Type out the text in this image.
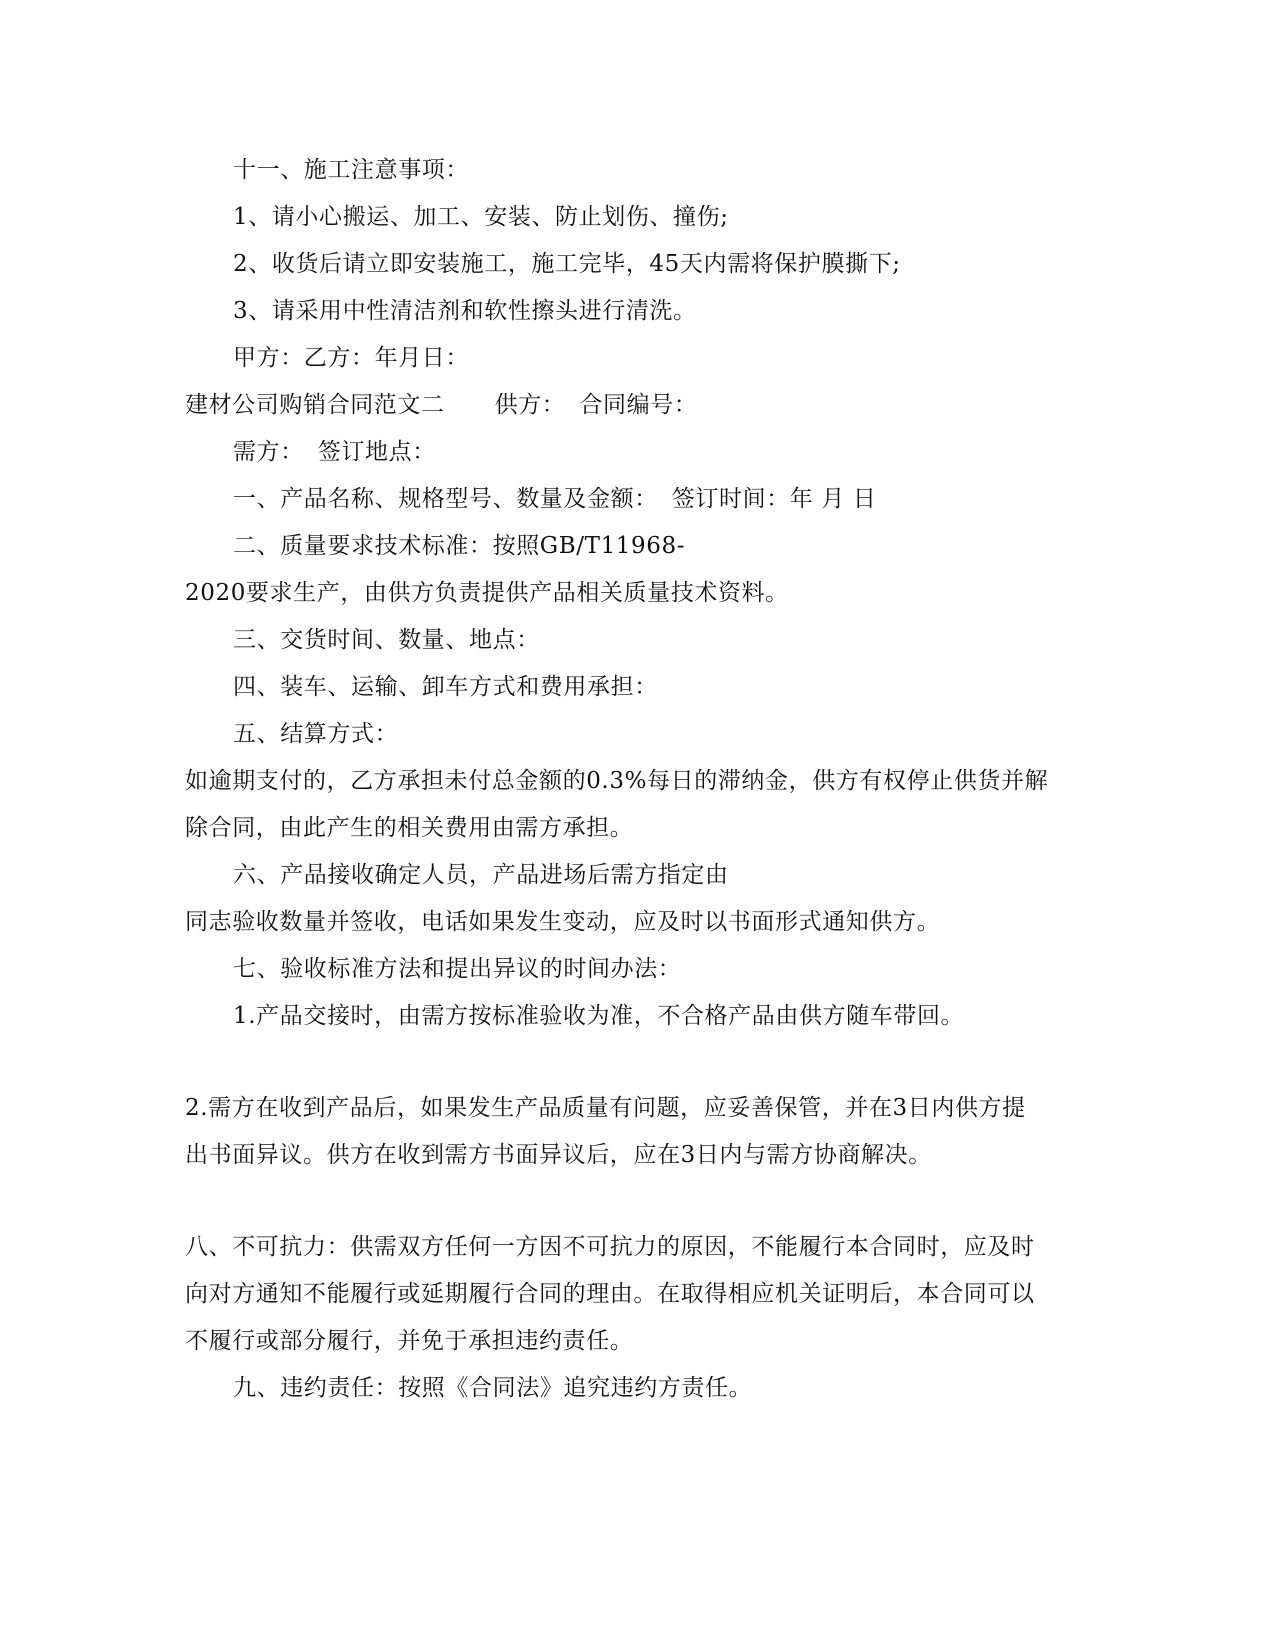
十一、施工注意事项：
1、请小心搬运、加工、安装、防止划伤、撞伤;
2、收货后请立即安装施工，施工完毕，45天内需将保护膜撕下;
3、请采用中性清洁剂和软性擦头进行清洗。
甲方：乙方：年月日：
建材公司购销合同范文二 供方： 合同编号：
需方： 签订地点：
一、产品名称、规格型号、数量及金额： 签订时间：年 月 日
二、质量要求技术标准：按照GB/T11968-
2020要求生产，由供方负责提供产品相关质量技术资料。
三、交货时间、数量、地点：
四、装车、运输、卸车方式和费用承担：
五、结算方式：
如逾期支付的，乙方承担未付总金额的0.3%每日的滞纳金，供方有权停止供货并解
除合同，由此产生的相关费用由需方承担。
六、产品接收确定人员，产品进场后需方指定由
同志验收数量并签收，电话如果发生变动，应及时以书面形式通知供方。
七、验收标准方法和提出异议的时间办法：
1.产品交接时，由需方按标准验收为准，不合格产品由供方随车带回。
2.需方在收到产品后，如果发生产品质量有问题，应妥善保管，并在3日内供方提
出书面异议。供方在收到需方书面异议后，应在3日内与需方协商解决。
八、不可抗力：供需双方任何一方因不可抗力的原因，不能履行本合同时，应及时
向对方通知不能履行或延期履行合同的理由。在取得相应机关证明后，本合同可以
不履行或部分履行，并免于承担违约责任。
九、违约责任：按照《合同法》追究违约方责任。
